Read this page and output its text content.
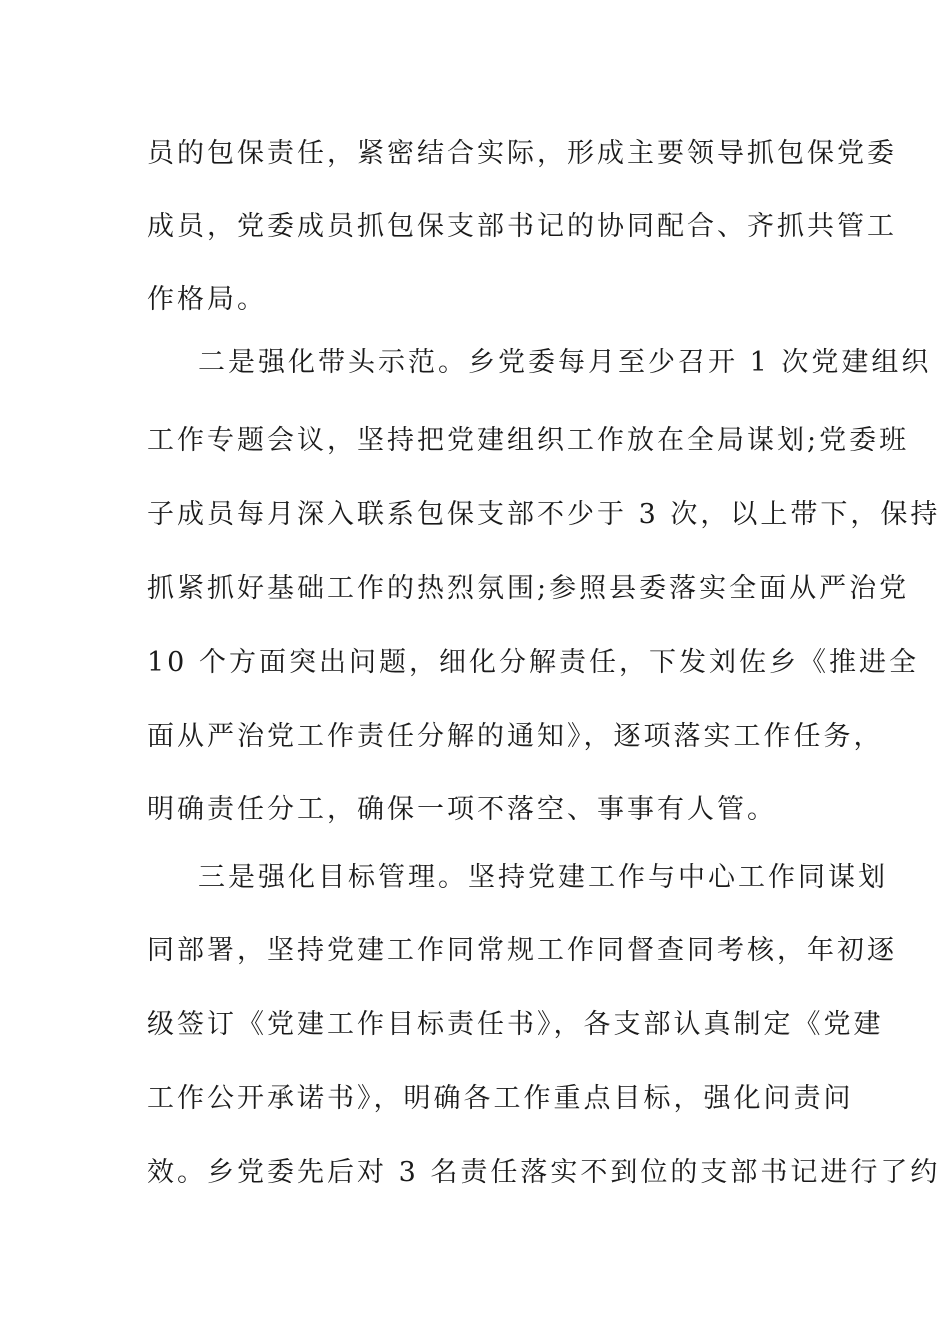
员的包保责任，紧密结合实际，形成主要领导抓包保党委
成员，党委成员抓包保支部书记的协同配合、齐抓共管工
作格局。
二是强化带头示范。乡党委每月至少召开 1 次党建组织
工作专题会议，坚持把党建组织工作放在全局谋划;党委班
子成员每月深入联系包保支部不少于 3 次，以上带下，保持
抓紧抓好基础工作的热烈氛围;参照县委落实全面从严治党
10 个方面突出问题，细化分解责任，下发刘佐乡《推进全
面从严治党工作责任分解的通知》，逐项落实工作任务，
明确责任分工，确保一项不落空、事事有人管。
三是强化目标管理。坚持党建工作与中心工作同谋划
同部署，坚持党建工作同常规工作同督查同考核，年初逐
级签订《党建工作目标责任书》，各支部认真制定《党建
工作公开承诺书》，明确各工作重点目标，强化问责问
效。乡党委先后对 3 名责任落实不到位的支部书记进行了约
